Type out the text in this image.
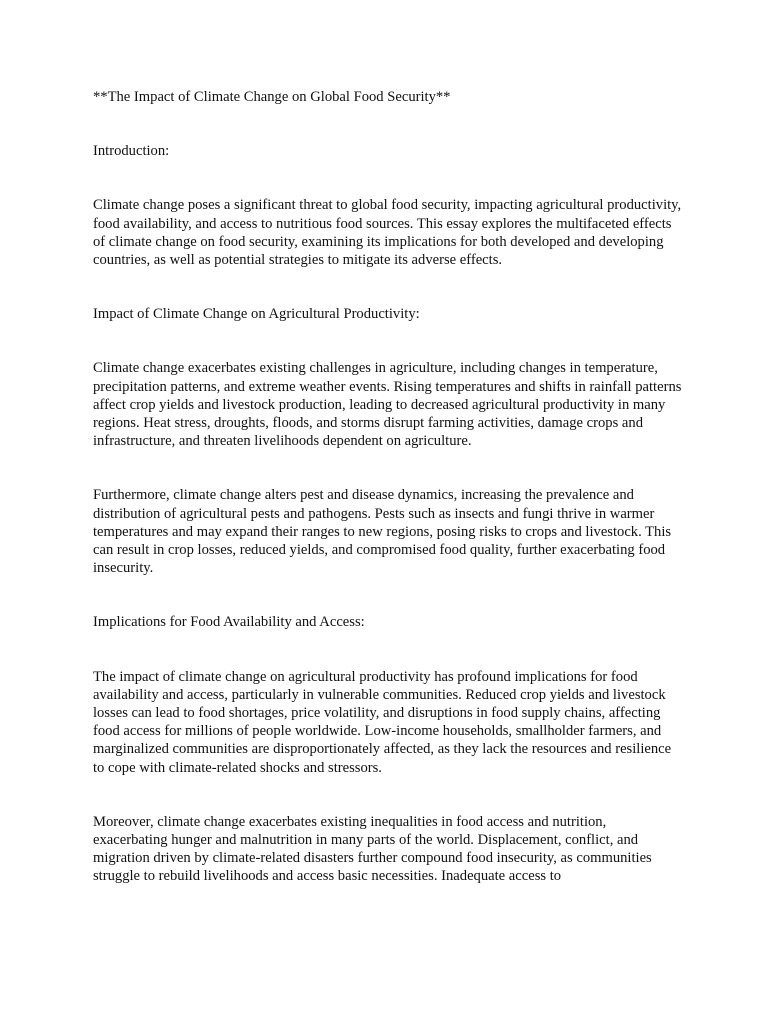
**The Impact of Climate Change on Global Food Security**

Introduction:

Climate change poses a significant threat to global food security, impacting agricultural productivity, food availability, and access to nutritious food sources. This essay explores the multifaceted effects of climate change on food security, examining its implications for both developed and developing countries, as well as potential strategies to mitigate its adverse effects.

Impact of Climate Change on Agricultural Productivity:

Climate change exacerbates existing challenges in agriculture, including changes in temperature, precipitation patterns, and extreme weather events. Rising temperatures and shifts in rainfall patterns affect crop yields and livestock production, leading to decreased agricultural productivity in many regions. Heat stress, droughts, floods, and storms disrupt farming activities, damage crops and infrastructure, and threaten livelihoods dependent on agriculture.

Furthermore, climate change alters pest and disease dynamics, increasing the prevalence and distribution of agricultural pests and pathogens. Pests such as insects and fungi thrive in warmer temperatures and may expand their ranges to new regions, posing risks to crops and livestock. This can result in crop losses, reduced yields, and compromised food quality, further exacerbating food insecurity.

Implications for Food Availability and Access:

The impact of climate change on agricultural productivity has profound implications for food availability and access, particularly in vulnerable communities. Reduced crop yields and livestock losses can lead to food shortages, price volatility, and disruptions in food supply chains, affecting food access for millions of people worldwide. Low-income households, smallholder farmers, and marginalized communities are disproportionately affected, as they lack the resources and resilience to cope with climate-related shocks and stressors.

Moreover, climate change exacerbates existing inequalities in food access and nutrition, exacerbating hunger and malnutrition in many parts of the world. Displacement, conflict, and migration driven by climate-related disasters further compound food insecurity, as communities struggle to rebuild livelihoods and access basic necessities. Inadequate access to
